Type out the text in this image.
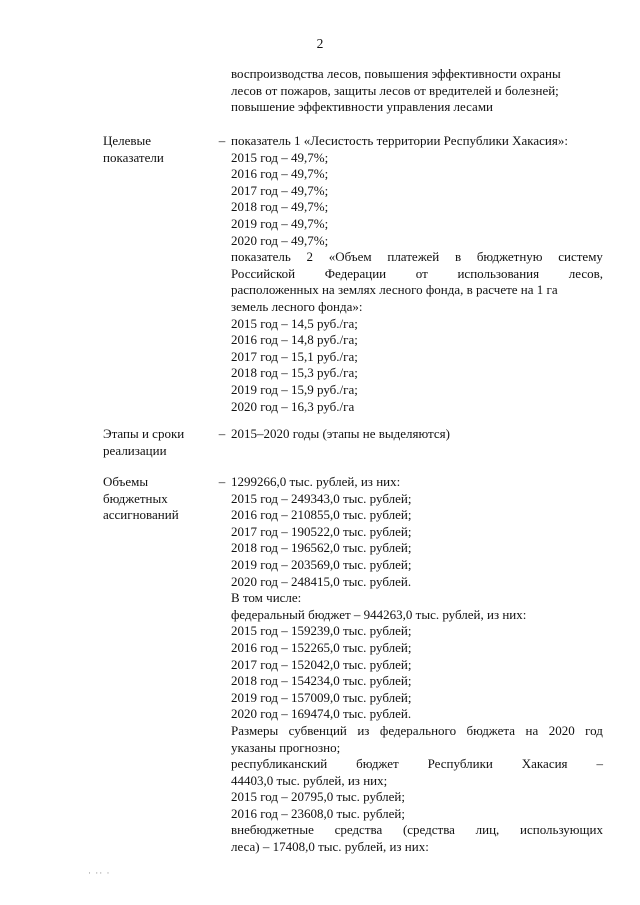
2
воспроизводства лесов, повышения эффективности охраны
лесов от пожаров, защиты лесов от вредителей и болезней;
повышение эффективности управления лесами
Целевые
показатели
– показатель 1 «Лесистость территории Республики Хакасия»:
2015 год – 49,7%;
2016 год – 49,7%;
2017 год – 49,7%;
2018 год – 49,7%;
2019 год – 49,7%;
2020 год – 49,7%;
показатель 2 «Объем платежей в бюджетную систему
Российской Федерации от использования лесов,
расположенных на землях лесного фонда, в расчете на 1 га
земель лесного фонда»:
2015 год – 14,5 руб./га;
2016 год – 14,8 руб./га;
2017 год – 15,1 руб./га;
2018 год – 15,3 руб./га;
2019 год – 15,9 руб./га;
2020 год – 16,3 руб./га
Этапы и сроки
реализации
– 2015–2020 годы (этапы не выделяются)
Объемы
бюджетных
ассигнований
– 1299266,0 тыс. рублей, из них:
2015 год – 249343,0 тыс. рублей;
2016 год – 210855,0 тыс. рублей;
2017 год – 190522,0 тыс. рублей;
2018 год – 196562,0 тыс. рублей;
2019 год – 203569,0 тыс. рублей;
2020 год – 248415,0 тыс. рублей.
В том числе:
федеральный бюджет – 944263,0 тыс. рублей, из них:
2015 год – 159239,0 тыс. рублей;
2016 год – 152265,0 тыс. рублей;
2017 год – 152042,0 тыс. рублей;
2018 год – 154234,0 тыс. рублей;
2019 год – 157009,0 тыс. рублей;
2020 год – 169474,0 тыс. рублей.
Размеры субвенций из федерального бюджета на 2020 год
указаны прогнозно;
республиканский бюджет Республики Хакасия –
44403,0 тыс. рублей, из них;
2015 год – 20795,0 тыс. рублей;
2016 год – 23608,0 тыс. рублей;
внебюджетные средства (средства лиц, использующих
леса) – 17408,0 тыс. рублей, из них:
· ·· ·
